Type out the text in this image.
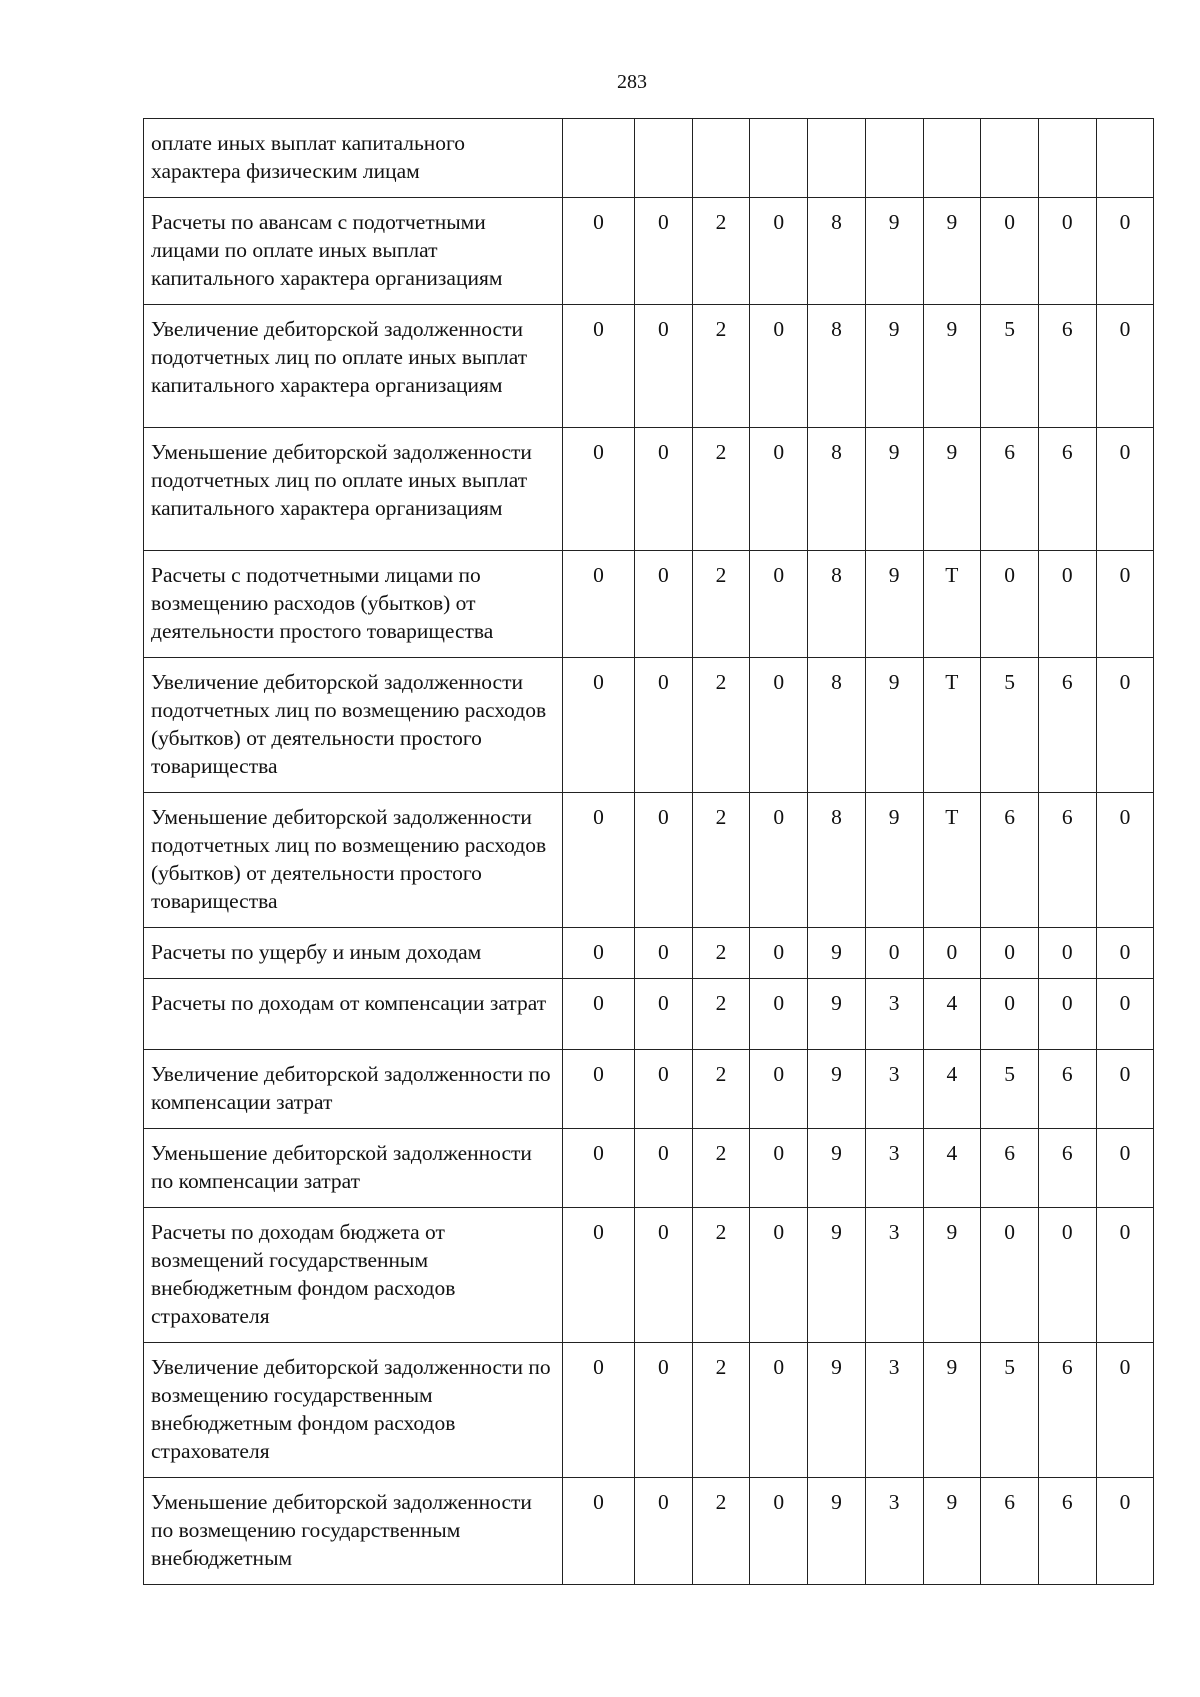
283
оплате иных выплат капитального характера физическим лицам										
Расчеты по авансам с подотчетными лицами по оплате иных выплат капитального характера организациям	0	0	2	0	8	9	9	0	0	0
Увеличение дебиторской задолженности подотчетных лиц по оплате иных выплат капитального характера организациям	0	0	2	0	8	9	9	5	6	0
Уменьшение дебиторской задолженности подотчетных лиц по оплате иных выплат капитального характера организациям	0	0	2	0	8	9	9	6	6	0
Расчеты с подотчетными лицами по возмещению расходов (убытков) от деятельности простого товарищества	0	0	2	0	8	9	Т	0	0	0
Увеличение дебиторской задолженности подотчетных лиц по возмещению расходов (убытков) от деятельности простого товарищества	0	0	2	0	8	9	Т	5	6	0
Уменьшение дебиторской задолженности подотчетных лиц по возмещению расходов (убытков) от деятельности простого товарищества	0	0	2	0	8	9	Т	6	6	0
Расчеты по ущербу и иным доходам	0	0	2	0	9	0	0	0	0	0
Расчеты по доходам от компенсации затрат	0	0	2	0	9	3	4	0	0	0
Увеличение дебиторской задолженности по компенсации затрат	0	0	2	0	9	3	4	5	6	0
Уменьшение дебиторской задолженности по компенсации затрат	0	0	2	0	9	3	4	6	6	0
Расчеты по доходам бюджета от возмещений государственным внебюджетным фондом расходов страхователя	0	0	2	0	9	3	9	0	0	0
Увеличение дебиторской задолженности по возмещению государственным внебюджетным фондом расходов страхователя	0	0	2	0	9	3	9	5	6	0
Уменьшение дебиторской задолженности по возмещению государственным внебюджетным	0	0	2	0	9	3	9	6	6	0
